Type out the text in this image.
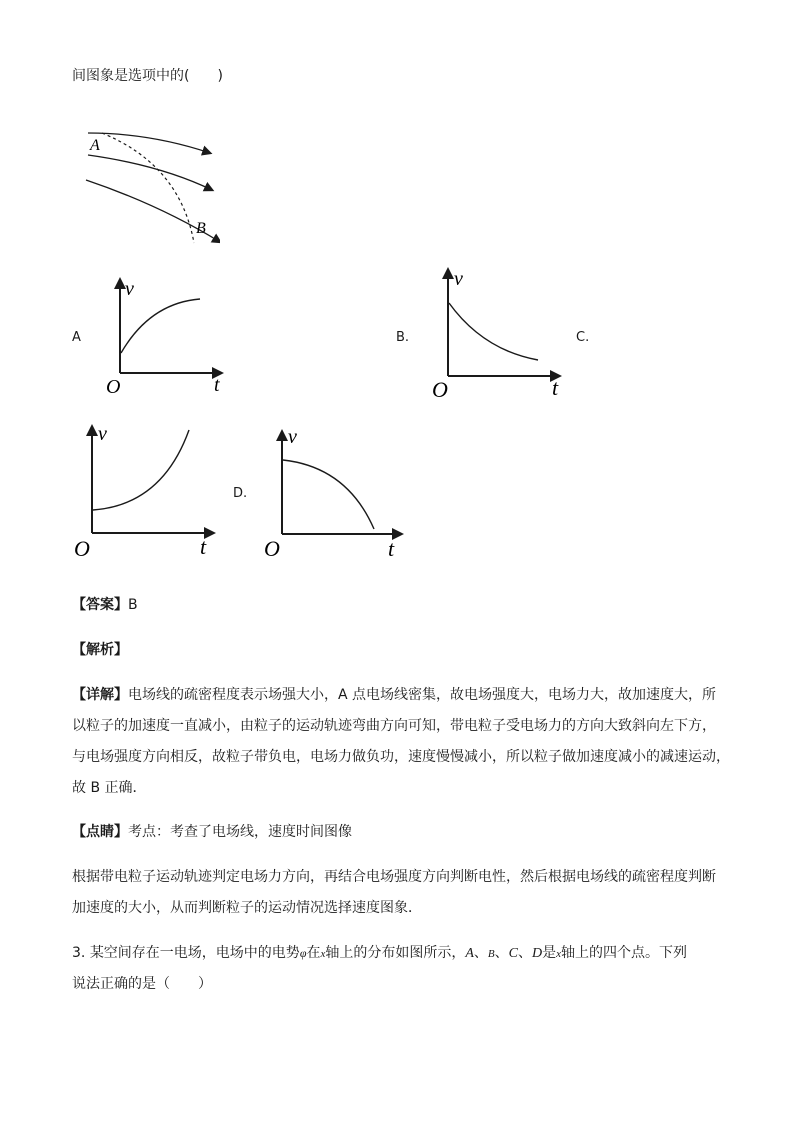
间图象是选项中的(　　)
A
B
A	B.	C.
D.
v
O	t
v
O	t
v
O	t
v
O	t
【答案】B
【解析】
【详解】电场线的疏密程度表示场强大小，A 点电场线密集，故电场强度大，电场力大，故加速度大，所
以粒子的加速度一直减小，由粒子的运动轨迹弯曲方向可知，带电粒子受电场力的方向大致斜向左下方，
与电场强度方向相反，故粒子带负电，电场力做负功，速度慢慢减小，所以粒子做加速度减小的减速运动，
故 B 正确．
【点睛】考点：考查了电场线，速度时间图像
根据带电粒子运动轨迹判定电场力方向，再结合电场强度方向判断电性，然后根据电场线的疏密程度判断
加速度的大小，从而判断粒子的运动情况选择速度图象．
3. 某空间存在一电场，电场中的电势φ在x轴上的分布如图所示，A、B、C、D是x轴上的四个点。下列
说法正确的是（　　）
